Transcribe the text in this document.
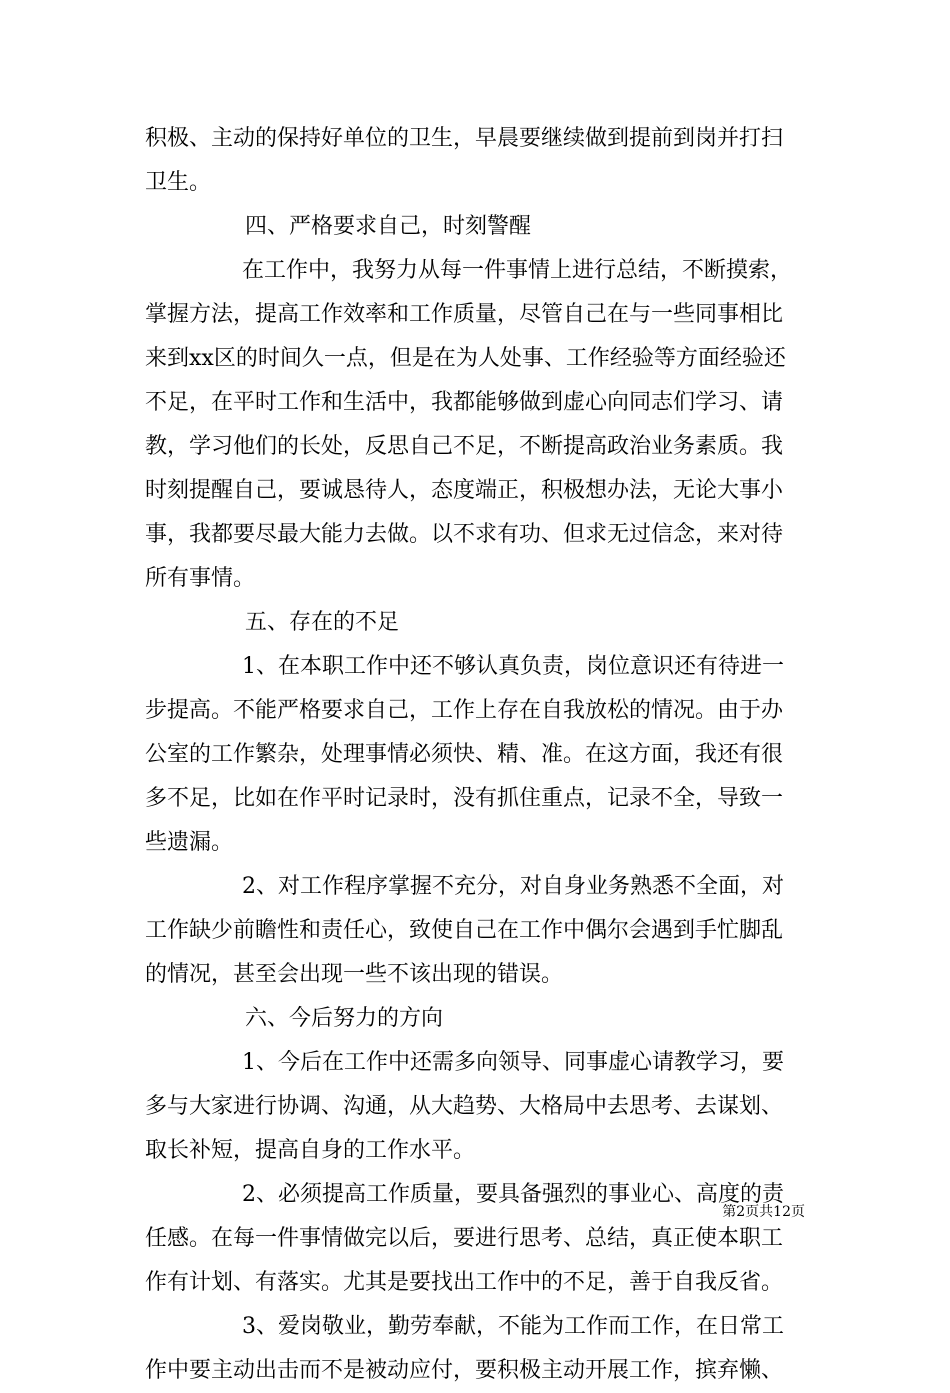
积极、主动的保持好单位的卫生，早晨要继续做到提前到岗并打扫
卫生。
四、严格要求自己，时刻警醒
在工作中，我努力从每一件事情上进行总结，不断摸索，
掌握方法，提高工作效率和工作质量，尽管自己在与一些同事相比
来到xx区的时间久一点，但是在为人处事、工作经验等方面经验还
不足，在平时工作和生活中，我都能够做到虚心向同志们学习、请
教，学习他们的长处，反思自己不足，不断提高政治业务素质。我
时刻提醒自己，要诚恳待人，态度端正，积极想办法，无论大事小
事，我都要尽最大能力去做。以不求有功、但求无过信念，来对待
所有事情。
五、存在的不足
1、在本职工作中还不够认真负责，岗位意识还有待进一
步提高。不能严格要求自己，工作上存在自我放松的情况。由于办
公室的工作繁杂，处理事情必须快、精、准。在这方面，我还有很
多不足，比如在作平时记录时，没有抓住重点，记录不全，导致一
些遗漏。
2、对工作程序掌握不充分，对自身业务熟悉不全面，对
工作缺少前瞻性和责任心，致使自己在工作中偶尔会遇到手忙脚乱
的情况，甚至会出现一些不该出现的错误。
六、今后努力的方向
1、今后在工作中还需多向领导、同事虚心请教学习，要
多与大家进行协调、沟通，从大趋势、大格局中去思考、去谋划、
取长补短，提高自身的工作水平。
2、必须提高工作质量，要具备强烈的事业心、高度的责
任感。在每一件事情做完以后，要进行思考、总结，真正使本职工
作有计划、有落实。尤其是要找出工作中的不足，善于自我反省。
3、爱岗敬业，勤劳奉献，不能为工作而工作，在日常工
作中要主动出击而不是被动应付，要积极主动开展工作，摈弃懒、
第2页共12页
